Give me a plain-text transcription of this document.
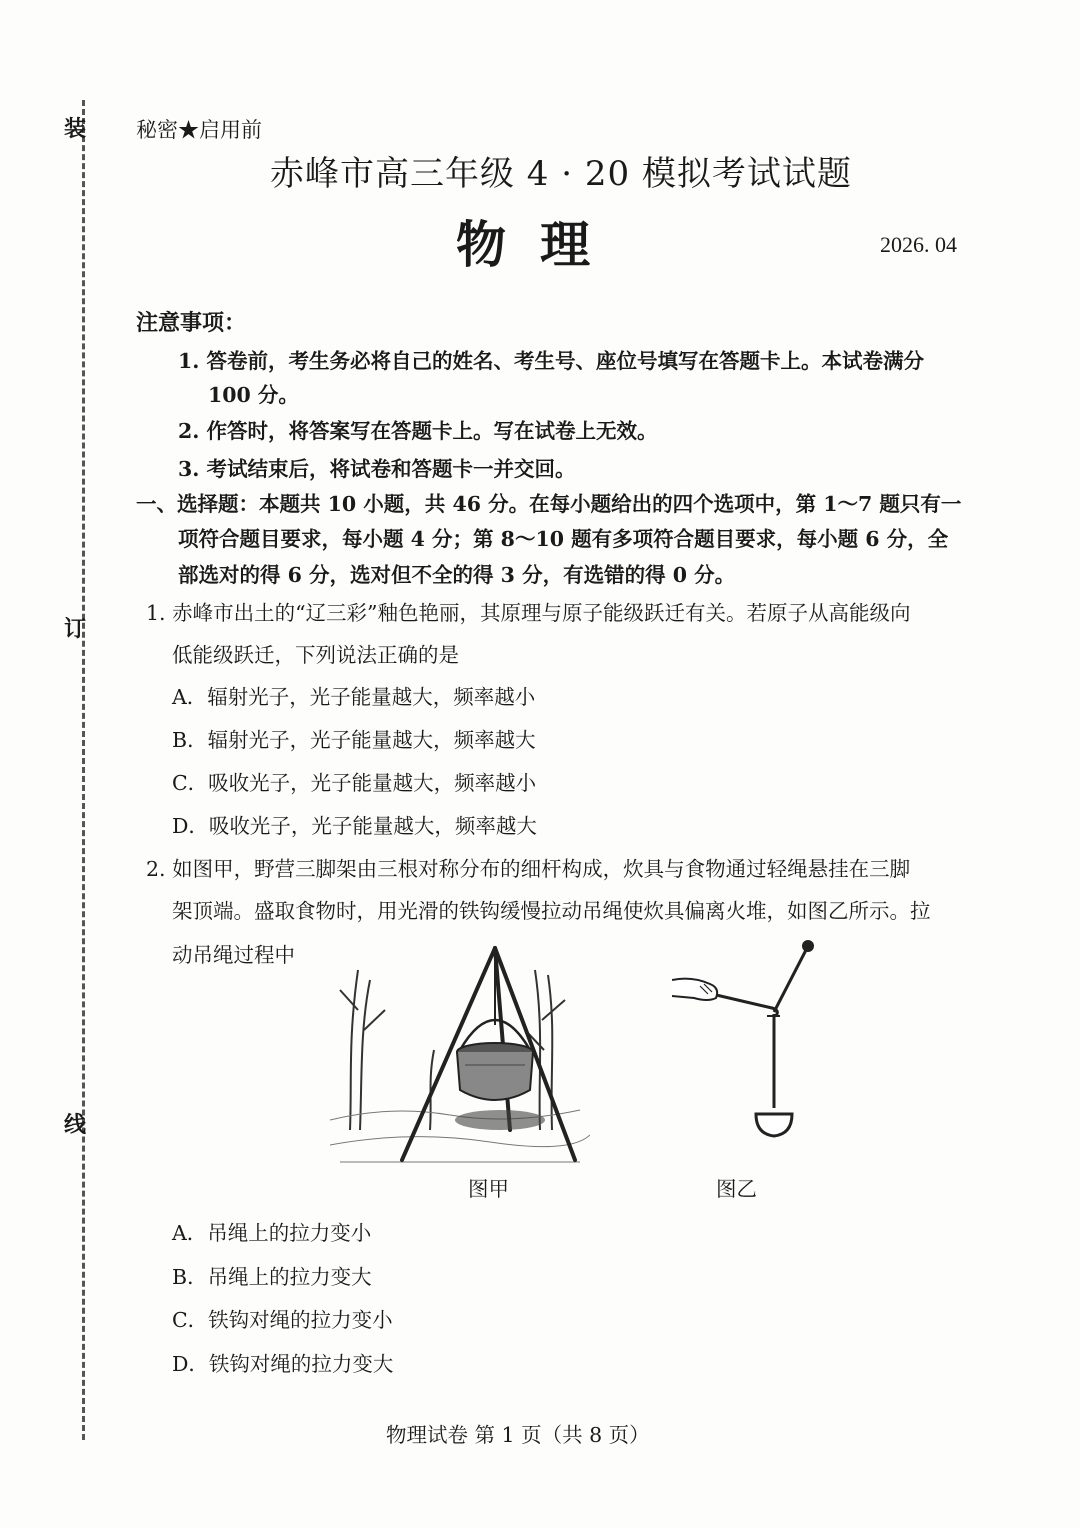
装
订
线
秘密★启用前
赤峰市高三年级 4 · 20 模拟考试试题
物理	2026. 04
注意事项：
1. 答卷前，考生务必将自己的姓名、考生号、座位号填写在答题卡上。本试卷满分
100 分。
2. 作答时，将答案写在答题卡上。写在试卷上无效。
3. 考试结束后，将试卷和答题卡一并交回。
一、选择题：本题共 10 小题，共 46 分。在每小题给出的四个选项中，第 1～7 题只有一
项符合题目要求，每小题 4 分；第 8～10 题有多项符合题目要求，每小题 6 分，全
部选对的得 6 分，选对但不全的得 3 分，有选错的得 0 分。
1. 赤峰市出土的“辽三彩”釉色艳丽，其原理与原子能级跃迁有关。若原子从高能级向
低能级跃迁，下列说法正确的是
A．辐射光子，光子能量越大，频率越小
B．辐射光子，光子能量越大，频率越大
C．吸收光子，光子能量越大，频率越小
D．吸收光子，光子能量越大，频率越大
2. 如图甲，野营三脚架由三根对称分布的细杆构成，炊具与食物通过轻绳悬挂在三脚
架顶端。盛取食物时，用光滑的铁钩缓慢拉动吊绳使炊具偏离火堆，如图乙所示。拉
动吊绳过程中
图甲	图乙
A．吊绳上的拉力变小
B．吊绳上的拉力变大
C．铁钩对绳的拉力变小
D．铁钩对绳的拉力变大
物理试卷 第 1 页（共 8 页）
